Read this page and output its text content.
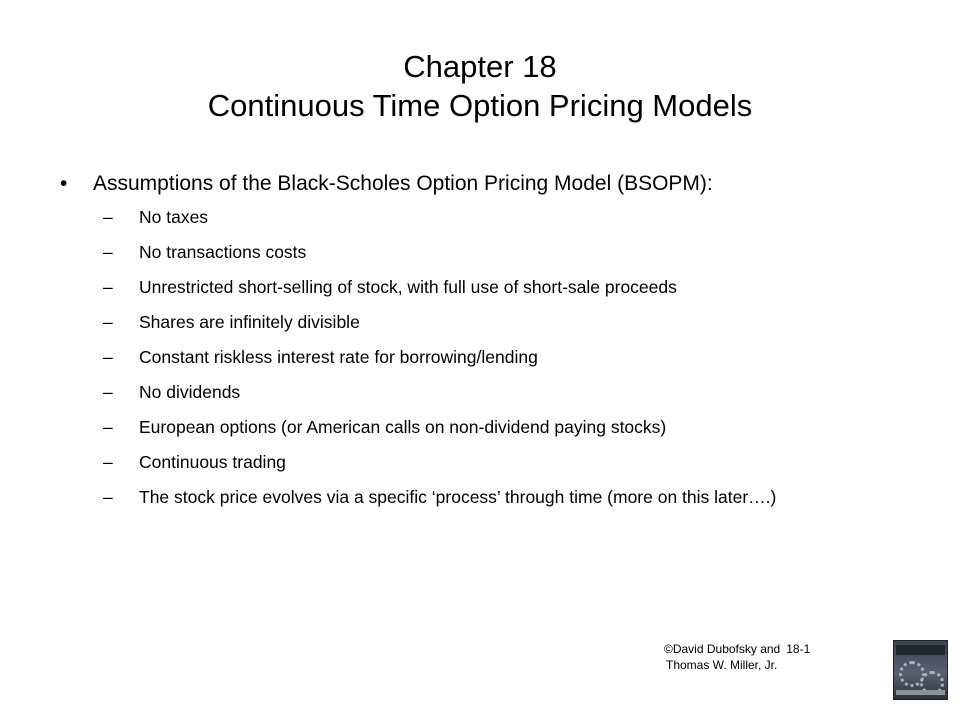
Chapter 18
Continuous Time Option Pricing Models
• Assumptions of the Black-Scholes Option Pricing Model (BSOPM):
– No taxes
– No transactions costs
– Unrestricted short-selling of stock, with full use of short-sale proceeds
– Shares are infinitely divisible
– Constant riskless interest rate for borrowing/lending
– No dividends
– European options (or American calls on non-dividend paying stocks)
– Continuous trading
– The stock price evolves via a specific ‘process’ through time (more on this later….)
©David Dubofsky and 18-1
Thomas W. Miller, Jr.
